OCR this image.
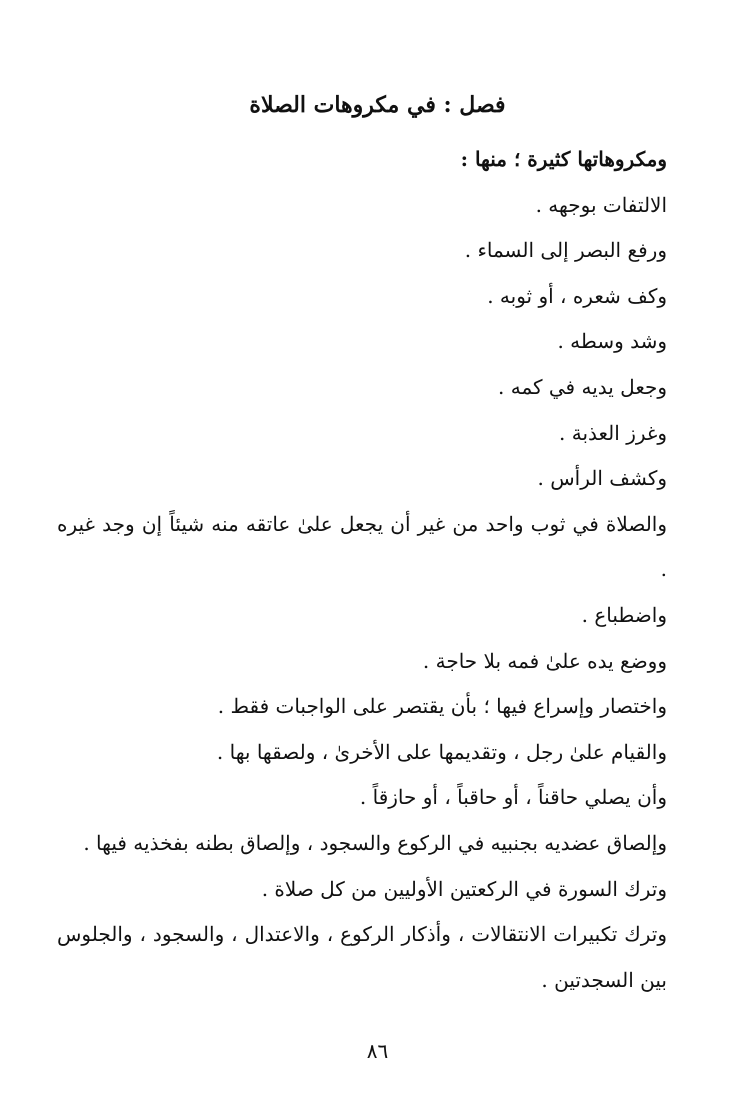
فصل : في مكروهات الصلاة

ومكروهاتها كثيرة ؛ منها :

الالتفات بوجهه .

ورفع البصر إلى السماء .

وكف شعره ، أو ثوبه .

وشد وسطه .

وجعل يديه في كمه .

وغرز العذبة .

وكشف الرأس .

والصلاة في ثوب واحد من غير أن يجعل علىٰ عاتقه منه شيئاً إن وجد غيره .

واضطباع .

ووضع يده علىٰ فمه بلا حاجة .

واختصار وإسراع فيها ؛ بأن يقتصر على الواجبات فقط .

والقيام علىٰ رجل ، وتقديمها على الأخرىٰ ، ولصقها بها .

وأن يصلي حاقناً ، أو حاقباً ، أو حازقاً .

وإلصاق عضديه بجنبيه في الركوع والسجود ، وإلصاق بطنه بفخذيه فيها .

وترك السورة في الركعتين الأوليين من كل صلاة .

وترك تكبيرات الانتقالات ، وأذكار الركوع ، والاعتدال ، والسجود ، والجلوس بين السجدتين .

٨٦
